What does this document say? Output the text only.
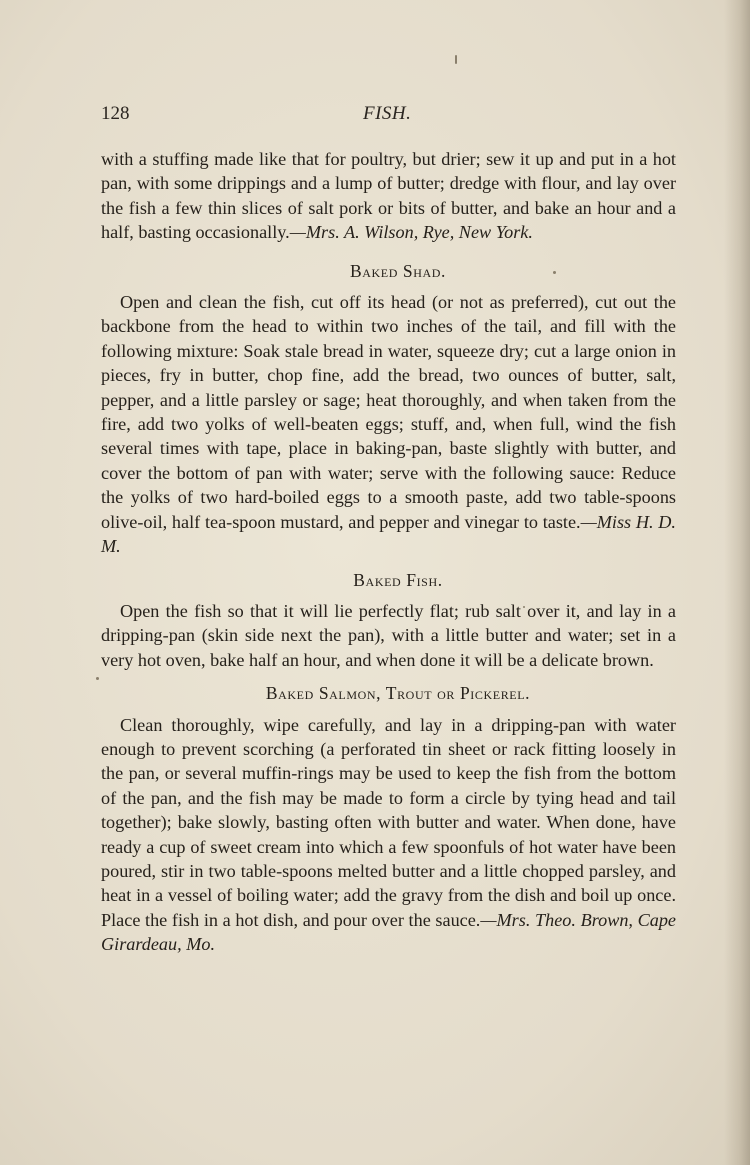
128	FISH.

with a stuffing made like that for poultry, but drier; sew it up and put in a hot pan, with some drippings and a lump of butter; dredge with flour, and lay over the fish a few thin slices of salt pork or bits of butter, and bake an hour and a half, basting occasionally.—Mrs. A. Wilson, Rye, New York.

Baked Shad.

Open and clean the fish, cut off its head (or not as preferred), cut out the backbone from the head to within two inches of the tail, and fill with the following mixture: Soak stale bread in water, squeeze dry; cut a large onion in pieces, fry in butter, chop fine, add the bread, two ounces of butter, salt, pepper, and a little parsley or sage; heat thoroughly, and when taken from the fire, add two yolks of well-beaten eggs; stuff, and, when full, wind the fish several times with tape, place in baking-pan, baste slightly with butter, and cover the bottom of pan with water; serve with the following sauce: Reduce the yolks of two hard-boiled eggs to a smooth paste, add two table-spoons olive-oil, half tea-spoon mustard, and pepper and vinegar to taste.—Miss H. D. M.

Baked Fish.

Open the fish so that it will lie perfectly flat; rub salt over it, and lay in a dripping-pan (skin side next the pan), with a little butter and water; set in a very hot oven, bake half an hour, and when done it will be a delicate brown.

Baked Salmon, Trout or Pickerel.

Clean thoroughly, wipe carefully, and lay in a dripping-pan with water enough to prevent scorching (a perforated tin sheet or rack fitting loosely in the pan, or several muffin-rings may be used to keep the fish from the bottom of the pan, and the fish may be made to form a circle by tying head and tail together); bake slowly, basting often with butter and water. When done, have ready a cup of sweet cream into which a few spoonfuls of hot water have been poured, stir in two table-spoons melted butter and a little chopped parsley, and heat in a vessel of boiling water; add the gravy from the dish and boil up once. Place the fish in a hot dish, and pour over the sauce.—Mrs. Theo. Brown, Cape Girardeau, Mo.
